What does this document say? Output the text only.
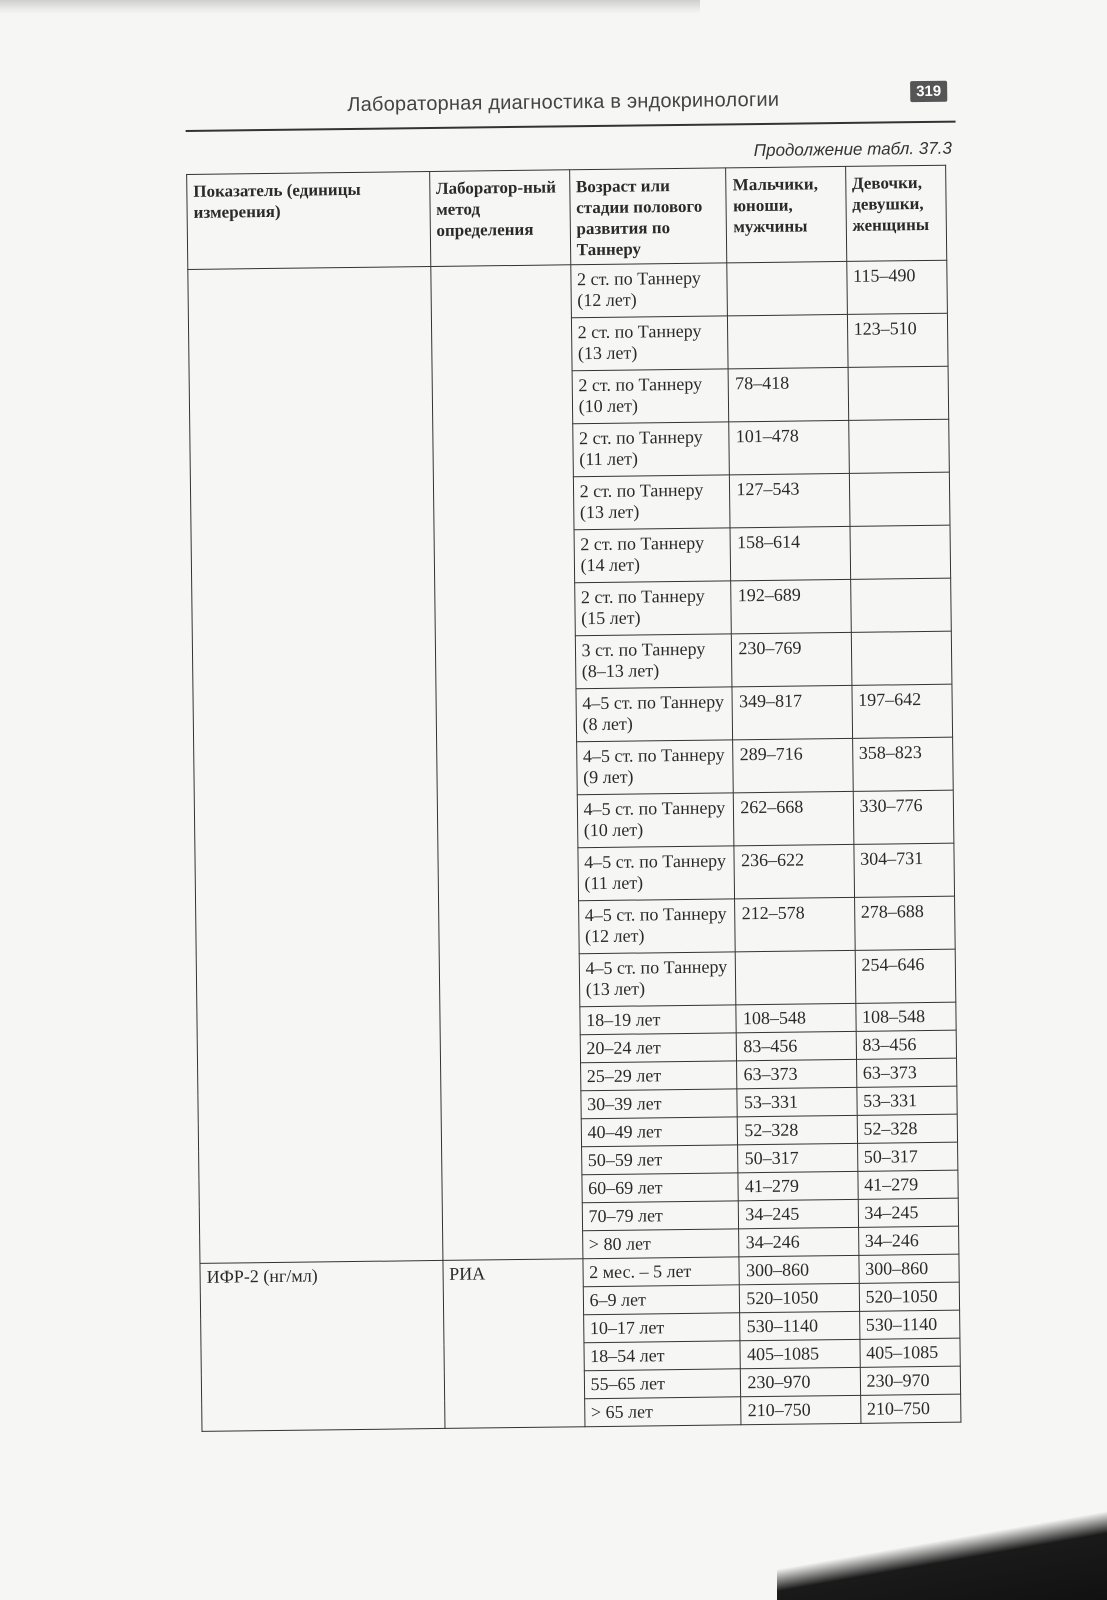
Лабораторная диагностика в эндокринологии	319
Продолжение табл. 37.3
Показатель (единицы измерения)	Лаборатор-ный метод определения	Возраст или стадии полового развития по Таннеру	Мальчики, юноши, мужчины	Девочки, девушки, женщины
		2 ст. по Таннеру (12 лет)		115–490
		2 ст. по Таннеру (13 лет)		123–510
		2 ст. по Таннеру (10 лет)	78–418	
		2 ст. по Таннеру (11 лет)	101–478	
		2 ст. по Таннеру (13 лет)	127–543	
		2 ст. по Таннеру (14 лет)	158–614	
		2 ст. по Таннеру (15 лет)	192–689	
		3 ст. по Таннеру (8–13 лет)	230–769	
		4–5 ст. по Таннеру (8 лет)	349–817	197–642
		4–5 ст. по Таннеру (9 лет)	289–716	358–823
		4–5 ст. по Таннеру (10 лет)	262–668	330–776
		4–5 ст. по Таннеру (11 лет)	236–622	304–731
		4–5 ст. по Таннеру (12 лет)	212–578	278–688
		4–5 ст. по Таннеру (13 лет)		254–646
		18–19 лет	108–548	108–548
		20–24 лет	83–456	83–456
		25–29 лет	63–373	63–373
		30–39 лет	53–331	53–331
		40–49 лет	52–328	52–328
		50–59 лет	50–317	50–317
		60–69 лет	41–279	41–279
		70–79 лет	34–245	34–245
		> 80 лет	34–246	34–246
ИФР-2 (нг/мл)	РИА	2 мес. – 5 лет	300–860	300–860
		6–9 лет	520–1050	520–1050
		10–17 лет	530–1140	530–1140
		18–54 лет	405–1085	405–1085
		55–65 лет	230–970	230–970
		> 65 лет	210–750	210–750
